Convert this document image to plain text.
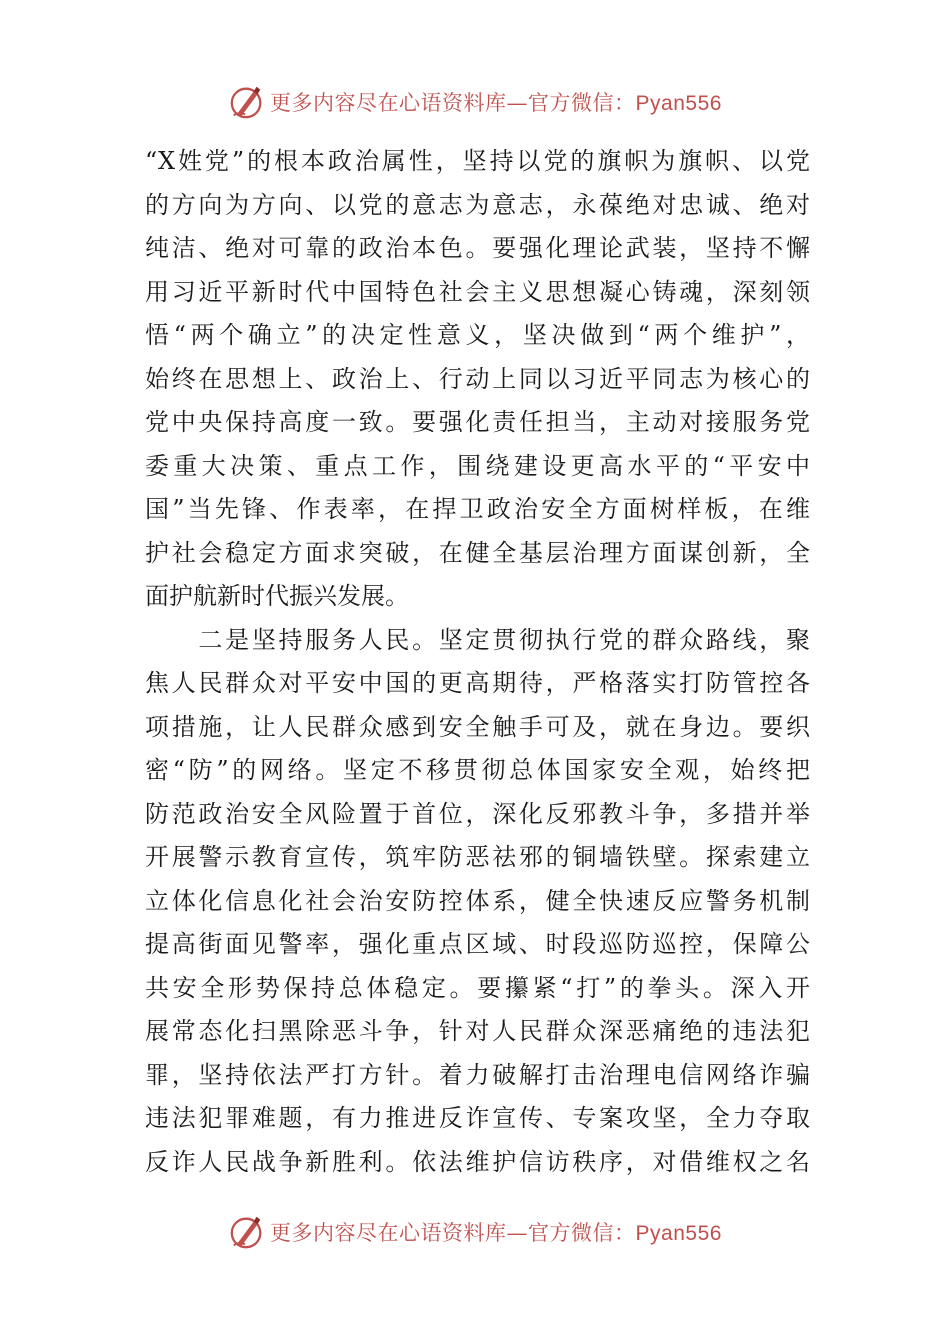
更多内容尽在心语资料库—官方微信：Pyan556
“X姓党”的根本政治属性，坚持以党的旗帜为旗帜、以党
的方向为方向、以党的意志为意志，永葆绝对忠诚、绝对
纯洁、绝对可靠的政治本色。要强化理论武装，坚持不懈
用习近平新时代中国特色社会主义思想凝心铸魂，深刻领
悟“两个确立”的决定性意义，坚决做到“两个维护”，
始终在思想上、政治上、行动上同以习近平同志为核心的
党中央保持高度一致。要强化责任担当，主动对接服务党
委重大决策、重点工作，围绕建设更高水平的“平安中
国”当先锋、作表率，在捍卫政治安全方面树样板，在维
护社会稳定方面求突破，在健全基层治理方面谋创新，全
面护航新时代振兴发展。
　　二是坚持服务人民。坚定贯彻执行党的群众路线，聚
焦人民群众对平安中国的更高期待，严格落实打防管控各
项措施，让人民群众感到安全触手可及，就在身边。要织
密“防”的网络。坚定不移贯彻总体国家安全观，始终把
防范政治安全风险置于首位，深化反邪教斗争，多措并举
开展警示教育宣传，筑牢防恶祛邪的铜墙铁壁。探索建立
立体化信息化社会治安防控体系，健全快速反应警务机制
提高街面见警率，强化重点区域、时段巡防巡控，保障公
共安全形势保持总体稳定。要攥紧“打”的拳头。深入开
展常态化扫黑除恶斗争，针对人民群众深恶痛绝的违法犯
罪，坚持依法严打方针。着力破解打击治理电信网络诈骗
违法犯罪难题，有力推进反诈宣传、专案攻坚，全力夺取
反诈人民战争新胜利。依法维护信访秩序，对借维权之名
更多内容尽在心语资料库—官方微信：Pyan556
